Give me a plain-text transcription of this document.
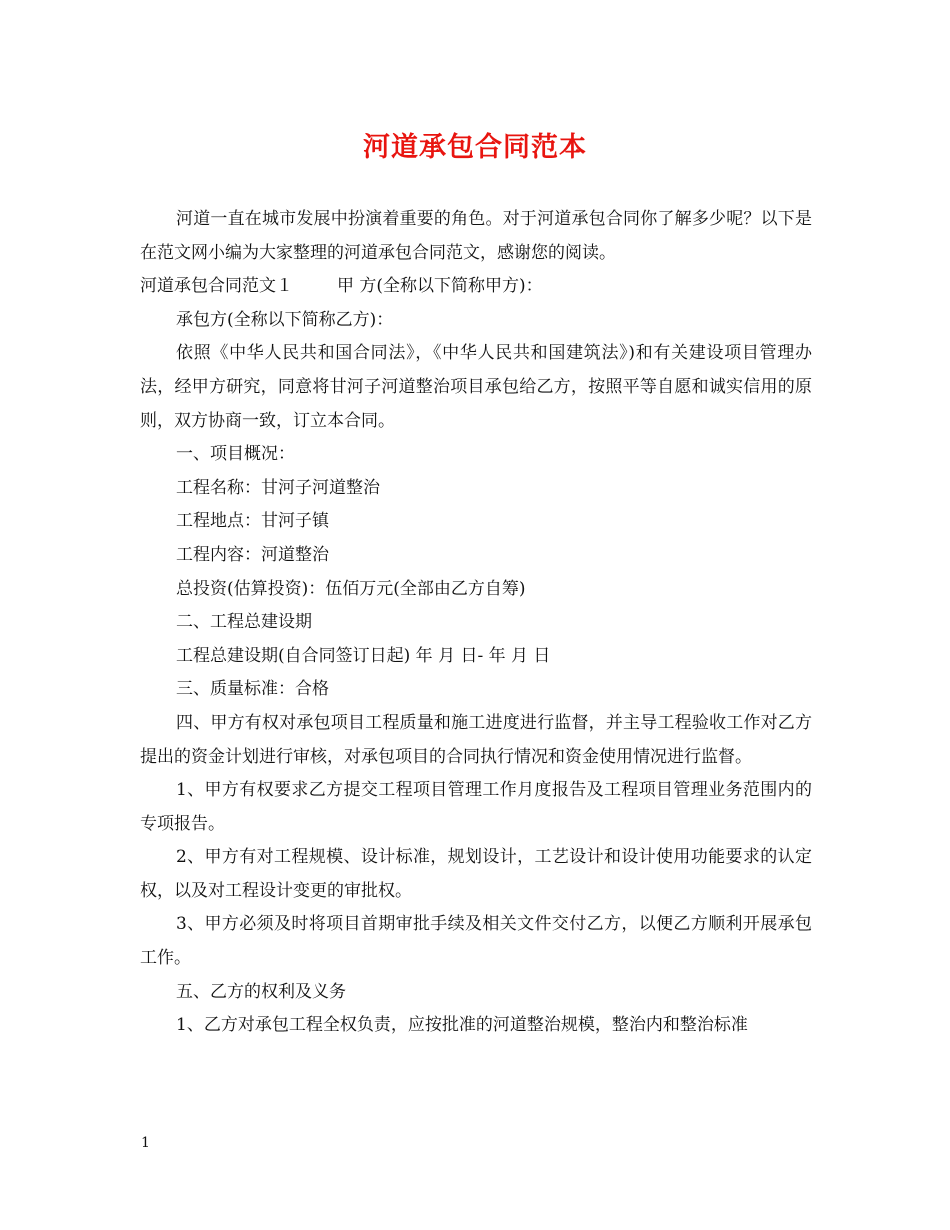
河道承包合同范本

河道一直在城市发展中扮演着重要的角色。对于河道承包合同你了解多少呢？以下是在范文网小编为大家整理的河道承包合同范文，感谢您的阅读。

河道承包合同范文１	甲 方(全称以下简称甲方)：

承包方(全称以下简称乙方)：

依照《中华人民共和国合同法》，《中华人民共和国建筑法》)和有关建设项目管理办法，经甲方研究，同意将甘河子河道整治项目承包给乙方，按照平等自愿和诚实信用的原则，双方协商一致，订立本合同。

一、项目概况：

工程名称：甘河子河道整治

工程地点：甘河子镇

工程内容：河道整治

总投资(估算投资)：伍佰万元(全部由乙方自筹)

二、工程总建设期

工程总建设期(自合同签订日起) 年 月 日- 年 月 日

三、质量标准：合格

四、甲方有权对承包项目工程质量和施工进度进行监督，并主导工程验收工作对乙方提出的资金计划进行审核，对承包项目的合同执行情况和资金使用情况进行监督。

1、甲方有权要求乙方提交工程项目管理工作月度报告及工程项目管理业务范围内的专项报告。

2、甲方有对工程规模、设计标准，规划设计，工艺设计和设计使用功能要求的认定权，以及对工程设计变更的审批权。

3、甲方必须及时将项目首期审批手续及相关文件交付乙方，以便乙方顺利开展承包工作。

五、乙方的权利及义务

1、乙方对承包工程全权负责，应按批准的河道整治规模，整治内和整治标准

1
